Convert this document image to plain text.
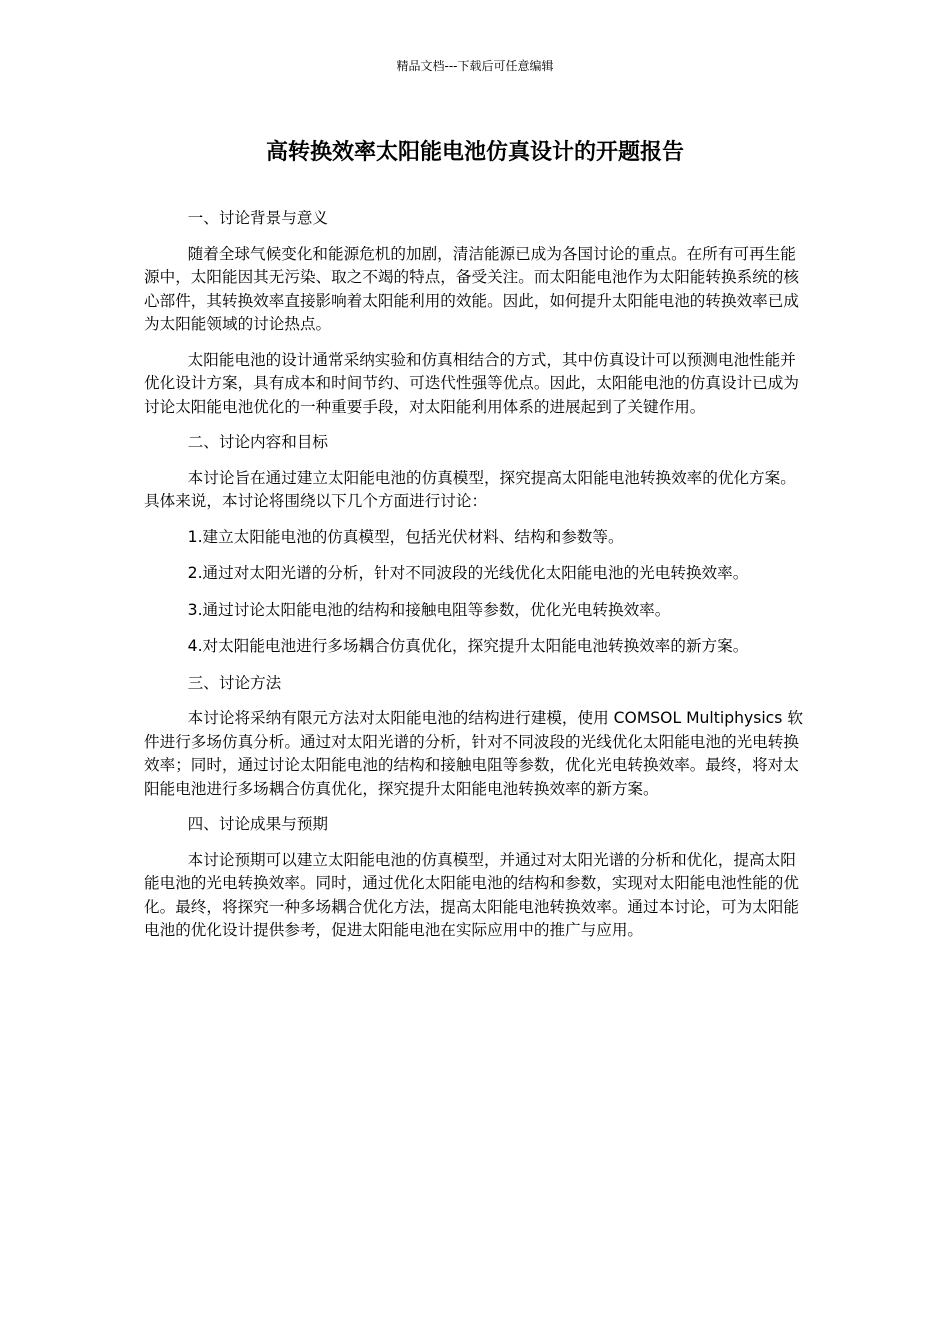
精品文档---下载后可任意编辑
高转换效率太阳能电池仿真设计的开题报告

一、讨论背景与意义

随着全球气候变化和能源危机的加剧，清洁能源已成为各国讨论的重点。在所有可再生能源中，太阳能因其无污染、取之不竭的特点，备受关注。而太阳能电池作为太阳能转换系统的核心部件，其转换效率直接影响着太阳能利用的效能。因此，如何提升太阳能电池的转换效率已成为太阳能领域的讨论热点。

太阳能电池的设计通常采纳实验和仿真相结合的方式，其中仿真设计可以预测电池性能并优化设计方案，具有成本和时间节约、可迭代性强等优点。因此，太阳能电池的仿真设计已成为讨论太阳能电池优化的一种重要手段，对太阳能利用体系的进展起到了关键作用。

二、讨论内容和目标

本讨论旨在通过建立太阳能电池的仿真模型，探究提高太阳能电池转换效率的优化方案。具体来说，本讨论将围绕以下几个方面进行讨论：

1.建立太阳能电池的仿真模型，包括光伏材料、结构和参数等。

2.通过对太阳光谱的分析，针对不同波段的光线优化太阳能电池的光电转换效率。

3.通过讨论太阳能电池的结构和接触电阻等参数，优化光电转换效率。

4.对太阳能电池进行多场耦合仿真优化，探究提升太阳能电池转换效率的新方案。

三、讨论方法

本讨论将采纳有限元方法对太阳能电池的结构进行建模，使用 COMSOL Multiphysics 软件进行多场仿真分析。通过对太阳光谱的分析，针对不同波段的光线优化太阳能电池的光电转换效率；同时，通过讨论太阳能电池的结构和接触电阻等参数，优化光电转换效率。最终，将对太阳能电池进行多场耦合仿真优化，探究提升太阳能电池转换效率的新方案。

四、讨论成果与预期

本讨论预期可以建立太阳能电池的仿真模型，并通过对太阳光谱的分析和优化，提高太阳能电池的光电转换效率。同时，通过优化太阳能电池的结构和参数，实现对太阳能电池性能的优化。最终，将探究一种多场耦合优化方法，提高太阳能电池转换效率。通过本讨论，可为太阳能电池的优化设计提供参考，促进太阳能电池在实际应用中的推广与应用。
